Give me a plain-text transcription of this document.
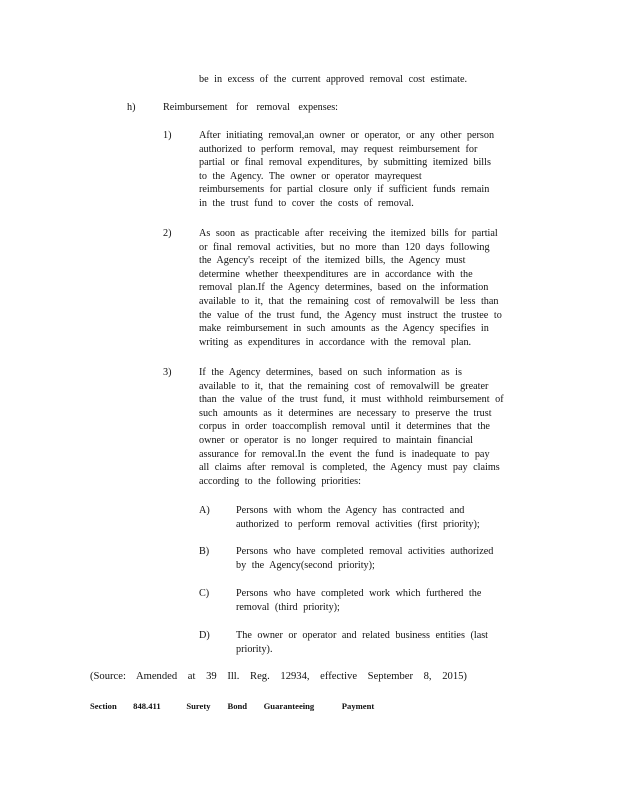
be in excess of the current approved removal cost estimate.
h)	Reimbursement for removal expenses:
1)	After initiating removal,an owner or operator, or any other person
authorized to perform removal, may request reimbursement for
partial or final removal expenditures, by submitting itemized bills
to the Agency. The owner or operator mayrequest
reimbursements for partial closure only if sufficient funds remain
in the trust fund to cover the costs of removal.
2)	As soon as practicable after receiving the itemized bills for partial
or final removal activities, but no more than 120 days following
the Agency's receipt of the itemized bills, the Agency must
determine whether theexpenditures are in accordance with the
removal plan.If the Agency determines, based on the information
available to it, that the remaining cost of removalwill be less than
the value of the trust fund, the Agency must instruct the trustee to
make reimbursement in such amounts as the Agency specifies in
writing as expenditures in accordance with the removal plan.
3)	If the Agency determines, based on such information as is
available to it, that the remaining cost of removalwill be greater
than the value of the trust fund, it must withhold reimbursement of
such amounts as it determines are necessary to preserve the trust
corpus in order toaccomplish removal until it determines that the
owner or operator is no longer required to maintain financial
assurance for removal.In the event the fund is inadequate to pay
all claims after removal is completed, the Agency must pay claims
according to the following priorities:
A)	Persons with whom the Agency has contracted and
authorized to perform removal activities (first priority);
B)	Persons who have completed removal activities authorized
by the Agency(second priority);
C)	Persons who have completed work which furthered the
removal (third priority);
D)	The owner or operator and related business entities (last
priority).
(Source: Amended at 39 Ill. Reg. 12934, effective September 8, 2015)
Section 848.411	Surety Bond Guaranteeing	Payment
